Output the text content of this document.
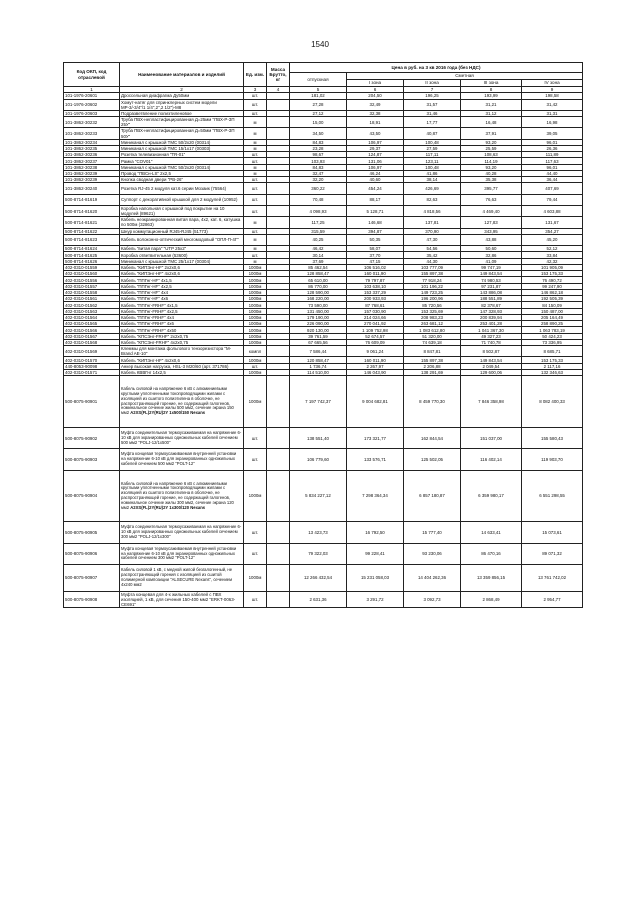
1540
Код ОКП, код отраслевой	Наименование материалов и изделий	Ед. изм.	Масса Брутто, кг	Цена в руб. на 3 кв 2016 года (без НДС)				
				отпускная	Сметная			
					I зона	II зона	III зона	IV зона
1	2	3	4	5	6	7	8	9
101-1976-20601	Дроссельная диафрагма Ду50мм	шт.		181,02	204,50	196,25	193,99	198,58
101-1976-20602	Хомут-натяг для спринклерных систем модели МР-3/-3/4"/1 1/4",2",2 1/2")-М8	шт.		27,28	32,49	31,57	31,21	31,42
101-1976-20603	Подразветвление полиэтиленовое	шт.		27,12	32,38	31,46	31,12	31,31
101-3862-30232	Труба ПВХ-непластифицированная Д=25мм "ПВХ-Р-ЗП 25У"	м		15,00	18,91	17,77	16,48	16,98
101-3862-30233	Труба ПВХ-непластифицированная Д=50мм "ПВХ-Р-ЗП 50У"	м		34,50	43,50	40,87	37,91	39,05
101-3862-30234	Миниканал с крышкой ТМС 50/2х20 (00314)	м		84,83	106,97	100,48	93,20	96,01
101-3862-30235	Миниканал с крышкой ТМС 15/1х17 (00303)	м		23,28	29,37	27,59	25,59	26,36
101-3862-30236	Розетка телевизионная "TR-01"	шт.		98,67	124,87	117,11	108,63	111,89
101-3862-30237	Рамка "COV01"	шт.		103,93	131,06	123,11	114,19	117,63
101-3862-30238	Миниканал с крышкой ТМС 50/2х20 (00314)	м		84,83	106,97	100,48	93,20	96,01
101-3862-30239	Провод "ПВСн-LS" 2х2,5	м		32,47	46,24	41,86	40,28	44,40
101-3862-30239	Кнопка сводная двери "РВ-26"	шт.		32,20	40,60	38,14	35,38	36,44
101-3862-30240	Розетка RJ-45 2 модуля кат.6 серии Мозаик (75564)	шт.		360,22	454,24	426,69	395,77	407,69
500-8714-81619	Суппорт с декоративной крышкой для 2 модулей (10952)	шт.		70,48	88,17	82,63	76,63	79,44
500-8714-81620	Коробка напольная с крышкой под покрытие на 10 модулей (89621)	шт.		4 098,93	5 128,71	4 818,56	4 469,40	4 603,88
500-8714-81621	Кабель неэкранированная витая пара, 4х2, кат. 6, катушка по 500м (32863)	м		117,25	146,68	137,81	127,83	131,67
500-8714-81622	Шнур коммутационный RJ45-RJ45 (51773)	шт.		315,59	394,87	370,90	343,95	354,27
500-8714-81623	Кабель волоконно-оптический многомодовый "ОПЛ-П-4Г"	м		40,25	50,35	47,30	43,88	45,20
500-8714-81624	Кабель "витая пара" "UTP 25х2"	м		46,42	58,07	54,56	50,60	52,12
500-8714-81625	Коробка ответвительная (53600)	шт.		30,14	37,70	35,42	32,86	33,84
500-8714-81626	Миниканал с крышкой ТМС 25/1х17 (00304)	м		37,69	47,15	44,30	41,09	42,32
402-0310-01559	Кабель "КИПЭнг-HF" 2х2х0,6	1000м		85 462,54	106 516,02	103 777,09	99 747,19	101 905,09
402-0310-01560	Кабель "КИПЭнг-HF" 4х2х0,6	1000м		128 858,47	160 011,90	155 897,38	149 843,54	153 175,33
402-0310-01556	Кабель "ППГнг-HF" 4х1,5	1000м		65 610,00	79 797,87	77 918,24	74 980,53	76 490,72
402-0310-01557	Кабель "ППГнг-HF" 4х2,5	1000м		86 770,00	103 638,10	101 196,22	97 231,87	99 247,90
402-0310-01558	Кабель "ППГнг-HF" 4х4	1000м		128 590,00	153 337,29	149 723,25	143 886,08	146 862,18
402-0310-01561	Кабель "ППГнг-HF" 4х6	1000м		168 220,00	200 933,93	196 200,96	188 551,89	192 505,39
402-0310-01562	Кабель "ППГнг-FRHF" 4х1,5	1000м		73 590,00	87 768,61	85 720,56	82 378,67	84 150,09
402-0310-01563	Кабель "ППГнг-FRHF" 4х2,5	1000м		131 450,00	157 030,90	153 325,69	147 328,93	150 487,00
402-0310-01564	Кабель "ППГнг-FRHF" 4х4	1000м		179 190,00	214 024,66	208 983,23	200 839,94	205 164,49
402-0310-01565	Кабель "ППГнг-FRHF" 4х6	1000м		226 090,00	270 041,92	263 681,12	253 401,28	258 890,25
402-0310-01566	Кабель "ППГнг-FRHF" 4х50	1000м		920 130,00	1 109 752,98	1 083 612,80	1 041 367,30	1 063 783,19
402-0310-01567	Кабель "КПСЭнг-FRHF" 2х2х0,75	1000м		39 761,59	52 674,57	51 320,00	49 327,23	50 424,23
402-0310-01568	Кабель "КПСЭнг-FRHF" 4х2х0,75	1000м		67 665,56	76 609,09	74 639,18	71 740,78	73 336,95
402-0310-01569	Клеммы для монтажа фольгового тензорезистора "М-Brand AE-10"	компл		7 586,44	9 061,24	8 847,81	8 502,87	8 685,71
402-0310-01570	Кабель "КИПЭнг-HF" 4х2х0,6	1000м		120 858,47	160 011,90	155 897,38	149 843,54	153 175,33
440-8053-90098	Анкер высокая нагрузка, HSL-3 М20/60 (арт. 371786)	шт.		1 736,74	2 267,97	2 206,88	2 049,54	2 117,16
402-0310-01571	Кабель КВВГнг 14х2,5	1000м		114 510,00	146 043,90	138 291,69	129 600,06	132 346,63
500-8075-90901	Кабель силовой на напряжение 6 кВ с алюминиевыми круглыми уплотненными токопроводящими жилами с изоляцией из сшитого полиэтилена в оболочке, не распространяющей горение, не содержащей галогенов, номинальное сечение жилы 500 мм2, сечение экрана 150 мм2 A2XS(FL)2Y(RU)2Y 1х500/150 Nexans	1000м		7 197 742,37	9 004 682,81	8 459 770,30	7 846 358,98	8 082 400,33
500-8075-90902	Муфта соединительная термоусаживаемая на напряжение 6-10 кВ для экранированных одножильных кабелей сечением 500 мм2 "POLJ-12/1х500"	шт.		138 551,40	173 321,77	162 844,54	151 037,00	155 580,43
500-8075-90903	Муфта концевая термоусаживаемая внутренней установки на напряжение 6-10 кВ для экранированных одножильных кабелей сечением 500 мм2 "POLT-12"	шт.		106 779,60	133 576,71	125 502,05	116 402,14	119 903,70
500-8075-90904	Кабель силовой на напряжение 6 кВ с алюминиевыми круглыми уплотненными токопроводящими жилами с изоляцией из сшитого полиэтилена в оболочке, не распространяющей горение, не содержащей галогенов, номинальное сечение жилы 300 мм2, сечение экрана 120 мм2 A2XS(FL)2Y(RU)2Y 1х300/120 Nexans	1000м		5 834 227,12	7 298 364,34	6 857 180,87	6 359 980,17	6 551 298,55
500-8075-90905	Муфта соединительная термоусаживаемая на напряжение 6-10 кВ для экранированных одножильных кабелей сечением 300 мм2 "POLJ-12/1х300"	шт.		13 423,73	16 792,50	15 777,40	14 633,41	15 073,61
500-8075-90906	Муфта концевая термоусаживаемая внутренней установки на напряжение 6-10 кВ для экранированных одножильных кабелей сечением 300 мм2 "POLT-12"	шт.		79 322,03	99 228,41	93 230,06	86 470,16	89 071,32
500-8075-90907	Кабель силовой 1 кВ, с медной жилой безгалогенный, не распространяющий горения с изоляцией из сшитой полимерной композиции "ALSECURE Nexans", сечением 4х240 мм2	1000м		12 266 432,54	15 231 058,03	14 404 262,36	13 359 856,15	13 761 742,02
500-8075-90908	Муфта концевая для 4-х жильных кабелей с ПВХ изоляцией, 1 кВ, для сечения 150-400 мм2 "ERKT-0063-CE691"	шт.		2 631,36	3 291,72	3 092,73	2 868,49	2 954,77
